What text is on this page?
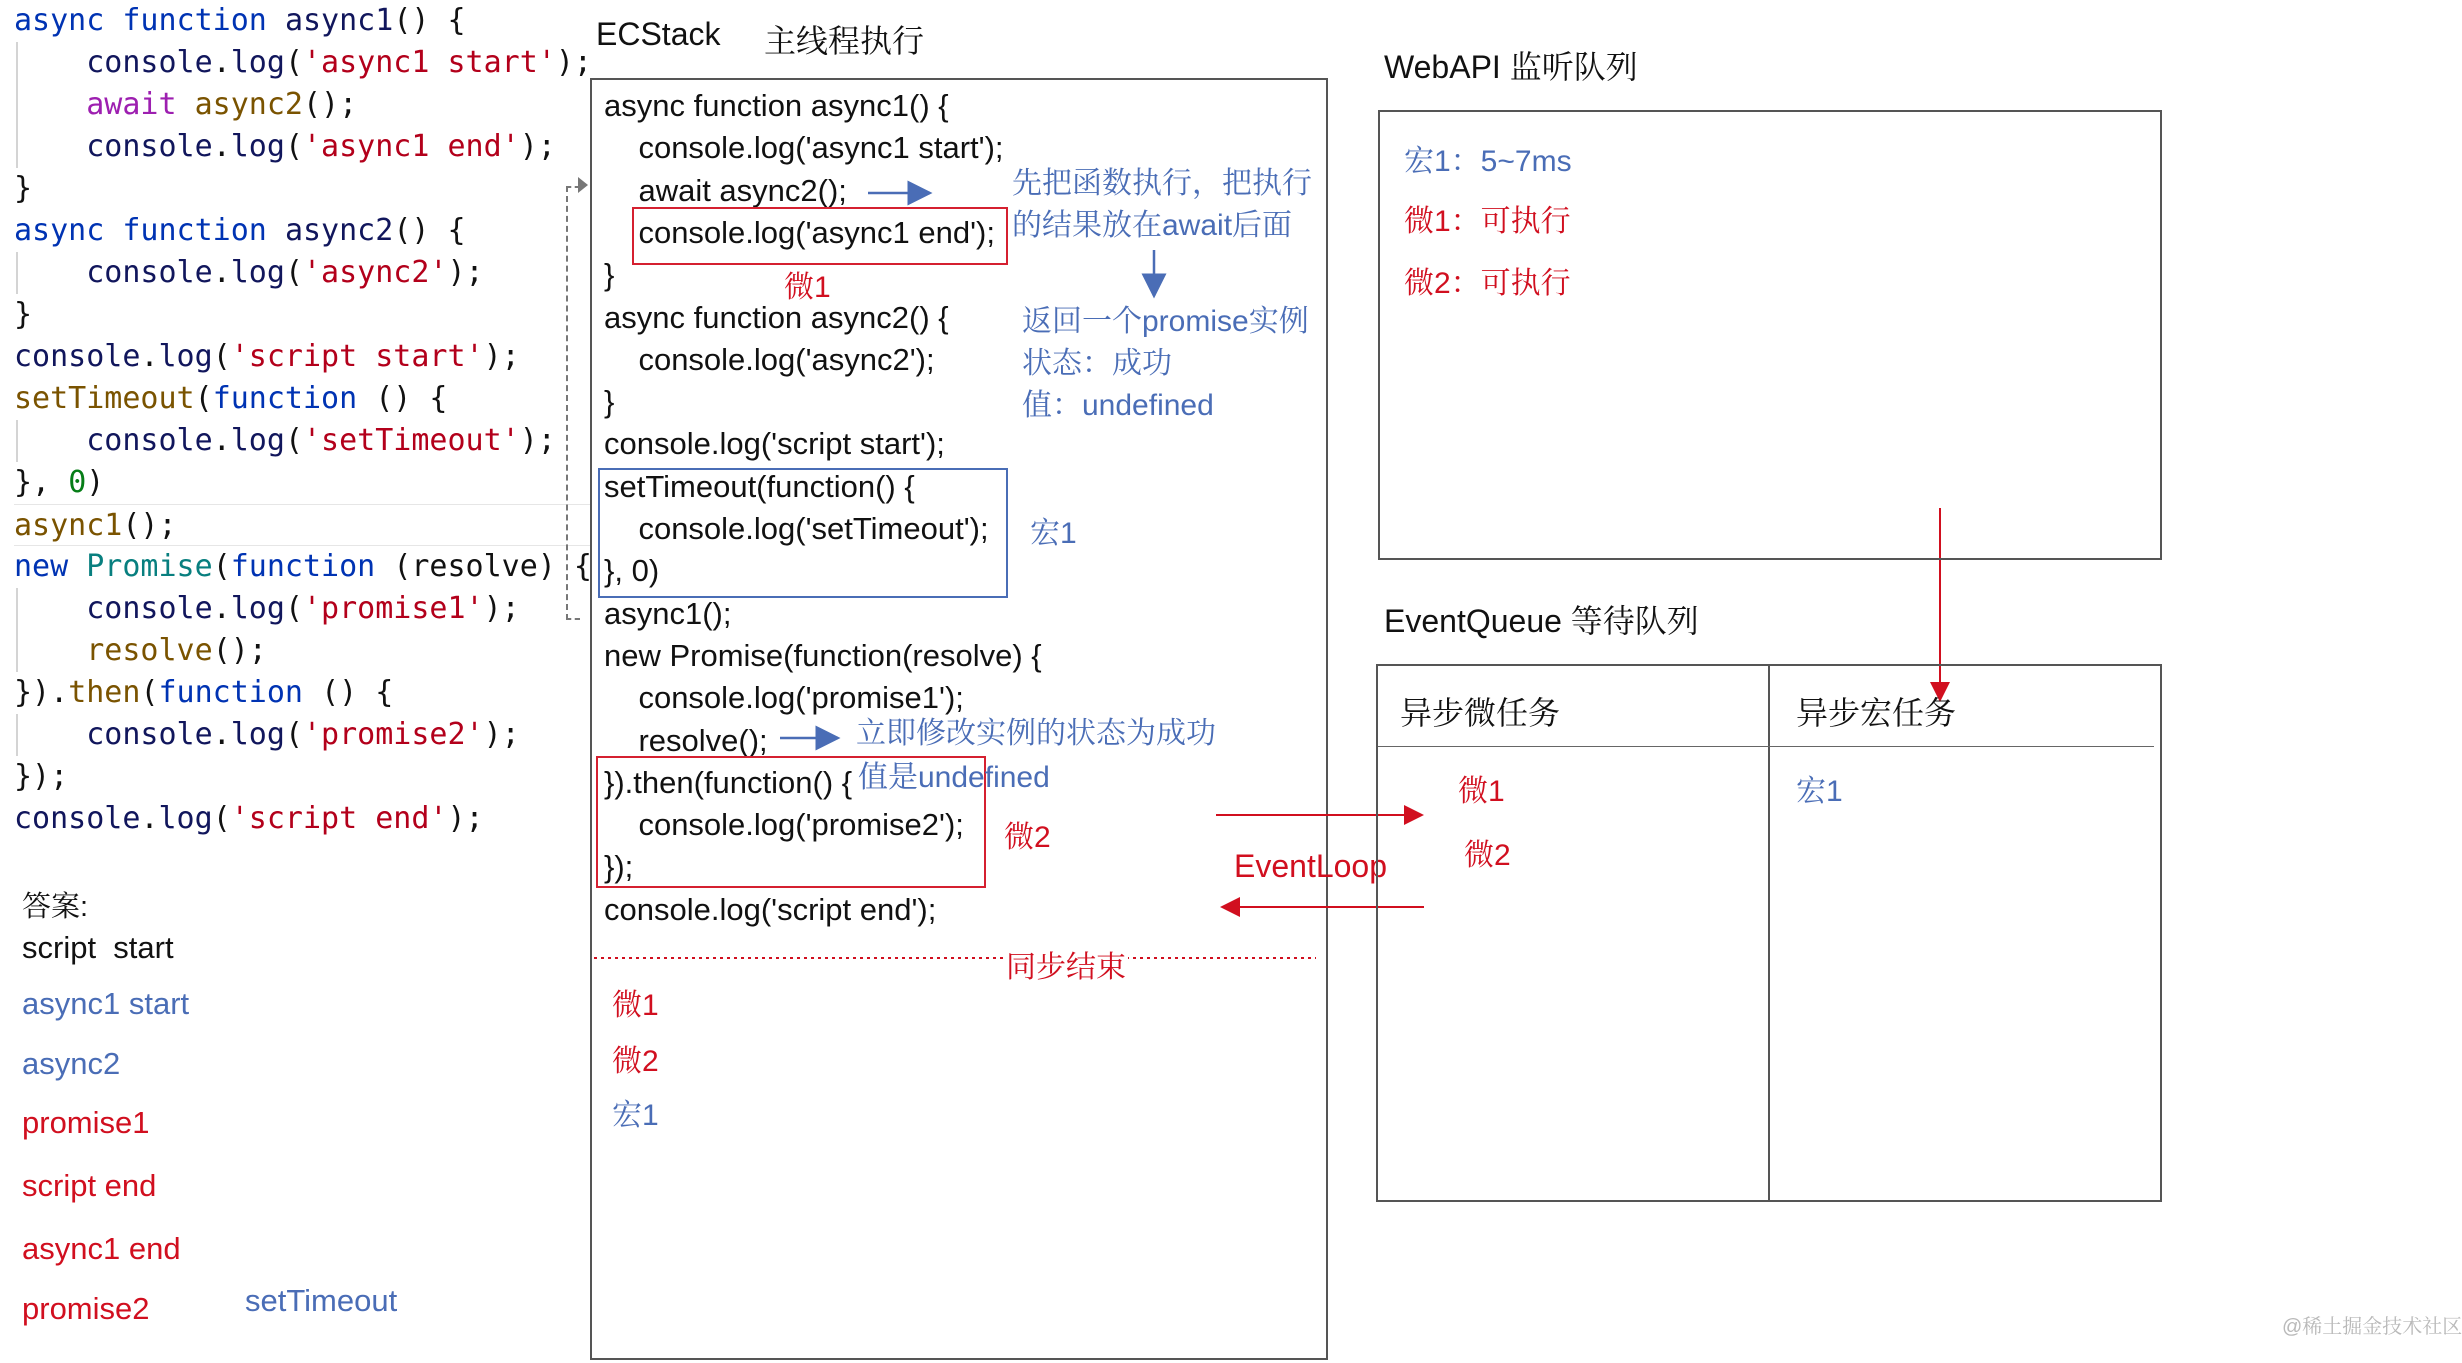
async function async1() {
console.log('async1 start');
await async2();
console.log('async1 end');
}
async function async2() {
console.log('async2');
}
console.log('script start');
setTimeout(function () {
console.log('setTimeout');
}, 0)
async1();
new Promise(function (resolve) {
console.log('promise1');
resolve();
}).then(function () {
console.log('promise2');
});
console.log('script end');
答案:
script  start
async1 start
async2
promise1
script end
async1 end
promise2	setTimeout
ECStack 主线程执行
async function async1() {
console.log('async1 start');
await async2();
console.log('async1 end');
}
async function async2() {
console.log('async2');
}
console.log('script start');
setTimeout(function() {
console.log('setTimeout');
}, 0)
async1();
new Promise(function(resolve) {
console.log('promise1');
resolve();
}).then(function() {
console.log('promise2');
});
console.log('script end');
先把函数执行，把执行
的结果放在await后面
微1
返回一个promise实例
状态：成功
值：undefined
宏1
立即修改实例的状态为成功
值是undefined
微2
EventLoop
同步结束
微1
微2
宏1
WebAPI 监听队列
宏1：5~7ms
微1：可执行
微2：可执行
EventQueue 等待队列
异步微任务	异步宏任务
微1
微2
宏1
@稀土掘金技术社区
